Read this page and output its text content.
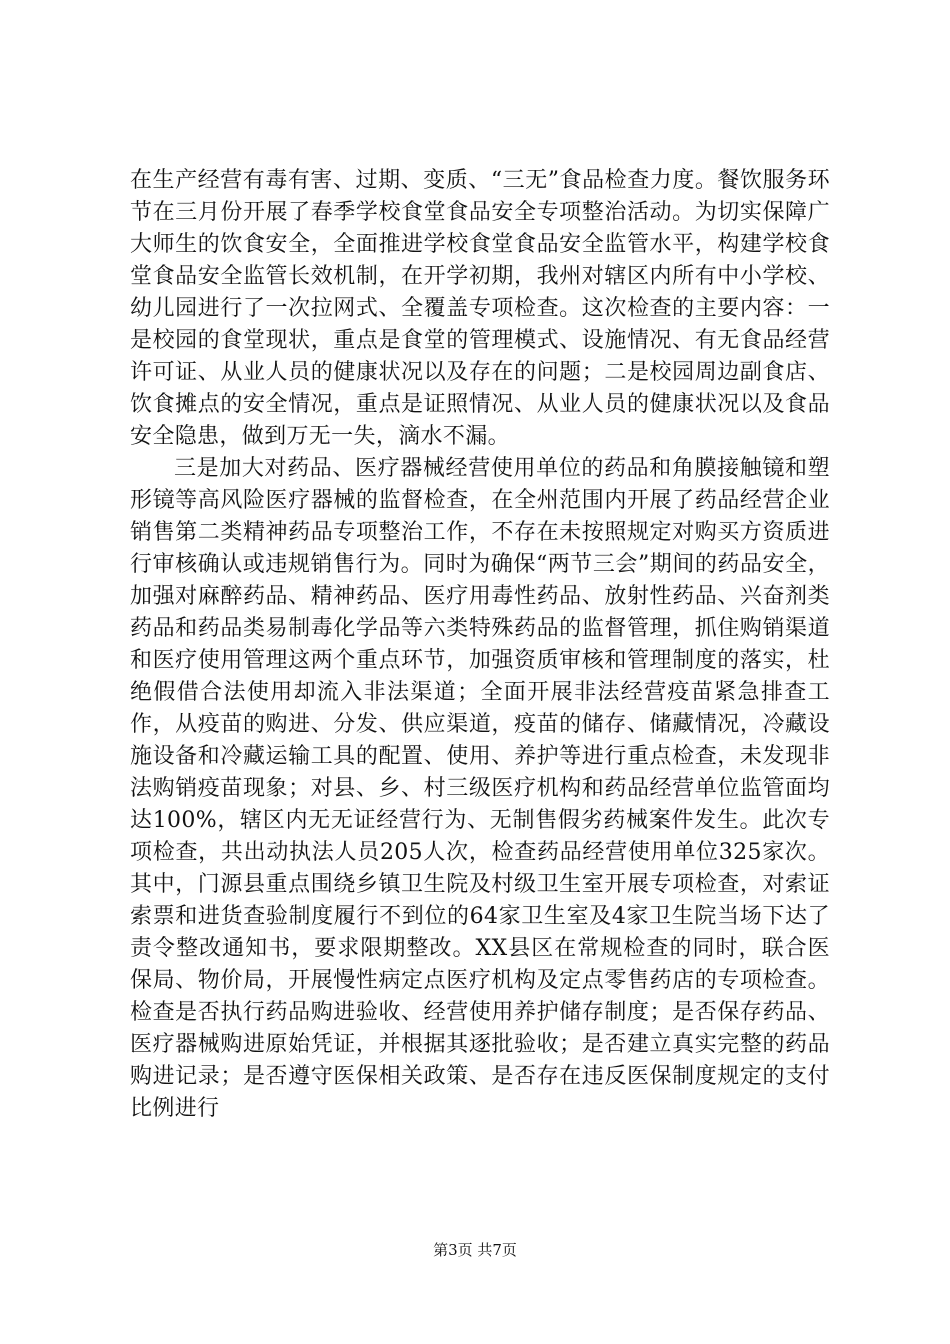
在生产经营有毒有害、过期、变质、“三无”食品检查力度。餐饮服务环节在三月份开展了春季学校食堂食品安全专项整治活动。为切实保障广大师生的饮食安全，全面推进学校食堂食品安全监管水平，构建学校食堂食品安全监管长效机制，在开学初期，我州对辖区内所有中小学校、幼儿园进行了一次拉网式、全覆盖专项检查。这次检查的主要内容：一是校园的食堂现状，重点是食堂的管理模式、设施情况、有无食品经营许可证、从业人员的健康状况以及存在的问题；二是校园周边副食店、饮食摊点的安全情况，重点是证照情况、从业人员的健康状况以及食品安全隐患，做到万无一失，滴水不漏。

三是加大对药品、医疗器械经营使用单位的药品和角膜接触镜和塑形镜等高风险医疗器械的监督检查，在全州范围内开展了药品经营企业销售第二类精神药品专项整治工作，不存在未按照规定对购买方资质进行审核确认或违规销售行为。同时为确保“两节三会”期间的药品安全，加强对麻醉药品、精神药品、医疗用毒性药品、放射性药品、兴奋剂类药品和药品类易制毒化学品等六类特殊药品的监督管理，抓住购销渠道和医疗使用管理这两个重点环节，加强资质审核和管理制度的落实，杜绝假借合法使用却流入非法渠道；全面开展非法经营疫苗紧急排查工作，从疫苗的购进、分发、供应渠道，疫苗的储存、储藏情况，冷藏设施设备和冷藏运输工具的配置、使用、养护等进行重点检查，未发现非法购销疫苗现象；对县、乡、村三级医疗机构和药品经营单位监管面均达100%，辖区内无无证经营行为、无制售假劣药械案件发生。此次专项检查，共出动执法人员205人次，检查药品经营使用单位325家次。其中，门源县重点围绕乡镇卫生院及村级卫生室开展专项检查，对索证索票和进货查验制度履行不到位的64家卫生室及4家卫生院当场下达了责令整改通知书，要求限期整改。XX县区在常规检查的同时，联合医保局、物价局，开展慢性病定点医疗机构及定点零售药店的专项检查。检查是否执行药品购进验收、经营使用养护储存制度；是否保存药品、医疗器械购进原始凭证，并根据其逐批验收；是否建立真实完整的药品购进记录；是否遵守医保相关政策、是否存在违反医保制度规定的支付比例进行

第3页 共7页
